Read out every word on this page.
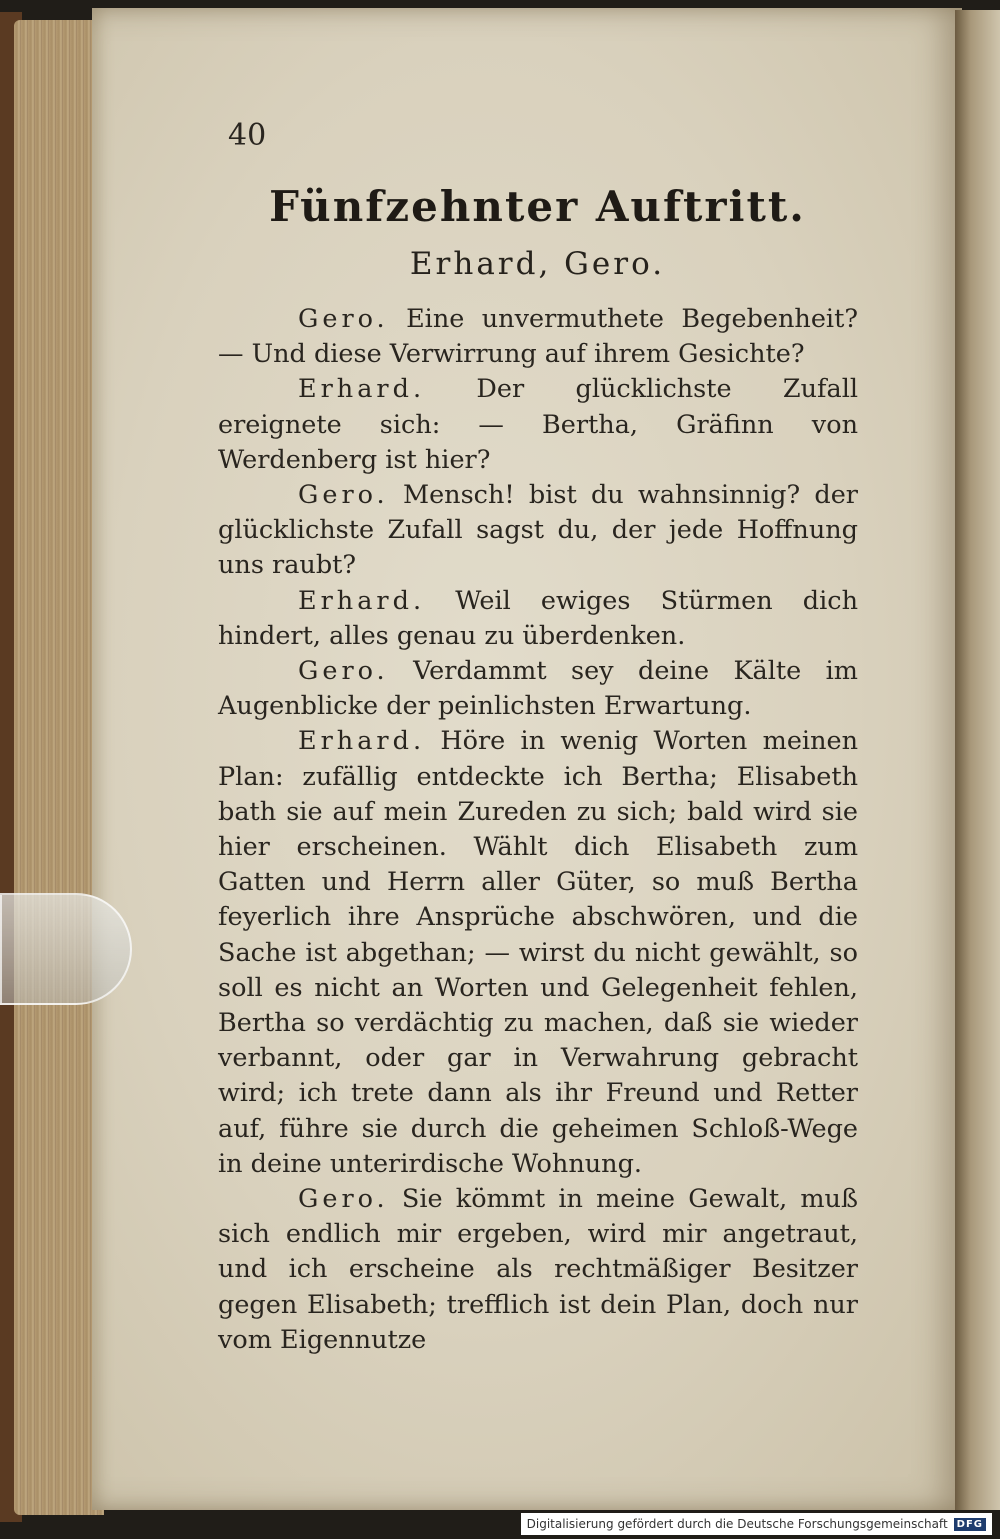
40
Fünfzehnter Auftritt.
Erhard, Gero.

Gero. Eine unvermuthete Begebenheit? — Und diese Verwirrung auf ihrem Gesichte?

Erhard. Der glücklichste Zufall ereignete sich: — Bertha, Gräfinn von Werdenberg ist hier?

Gero. Mensch! bist du wahnsinnig? der glücklichste Zufall sagst du, der jede Hoffnung uns raubt?

Erhard. Weil ewiges Stürmen dich hindert, alles genau zu überdenken.

Gero. Verdammt sey deine Kälte im Augenblicke der peinlichsten Erwartung.

Erhard. Höre in wenig Worten meinen Plan: zufällig entdeckte ich Bertha; Elisabeth bath sie auf mein Zureden zu sich; bald wird sie hier erscheinen. Wählt dich Elisabeth zum Gatten und Herrn aller Güter, so muß Bertha feyerlich ihre Ansprüche abschwören, und die Sache ist abgethan; — wirst du nicht gewählt, so soll es nicht an Worten und Gelegenheit fehlen, Bertha so verdächtig zu machen, daß sie wieder verbannt, oder gar in Verwahrung gebracht wird; ich trete dann als ihr Freund und Retter auf, führe sie durch die geheimen Schloß-Wege in deine unterirdische Wohnung.

Gero. Sie kömmt in meine Gewalt, muß sich endlich mir ergeben, wird mir angetraut, und ich erscheine als rechtmäßiger Besitzer gegen Elisabeth; trefflich ist dein Plan, doch nur vom Eigennutze

Digitalisierung gefördert durch die Deutsche Forschungsgemeinschaft DFG
